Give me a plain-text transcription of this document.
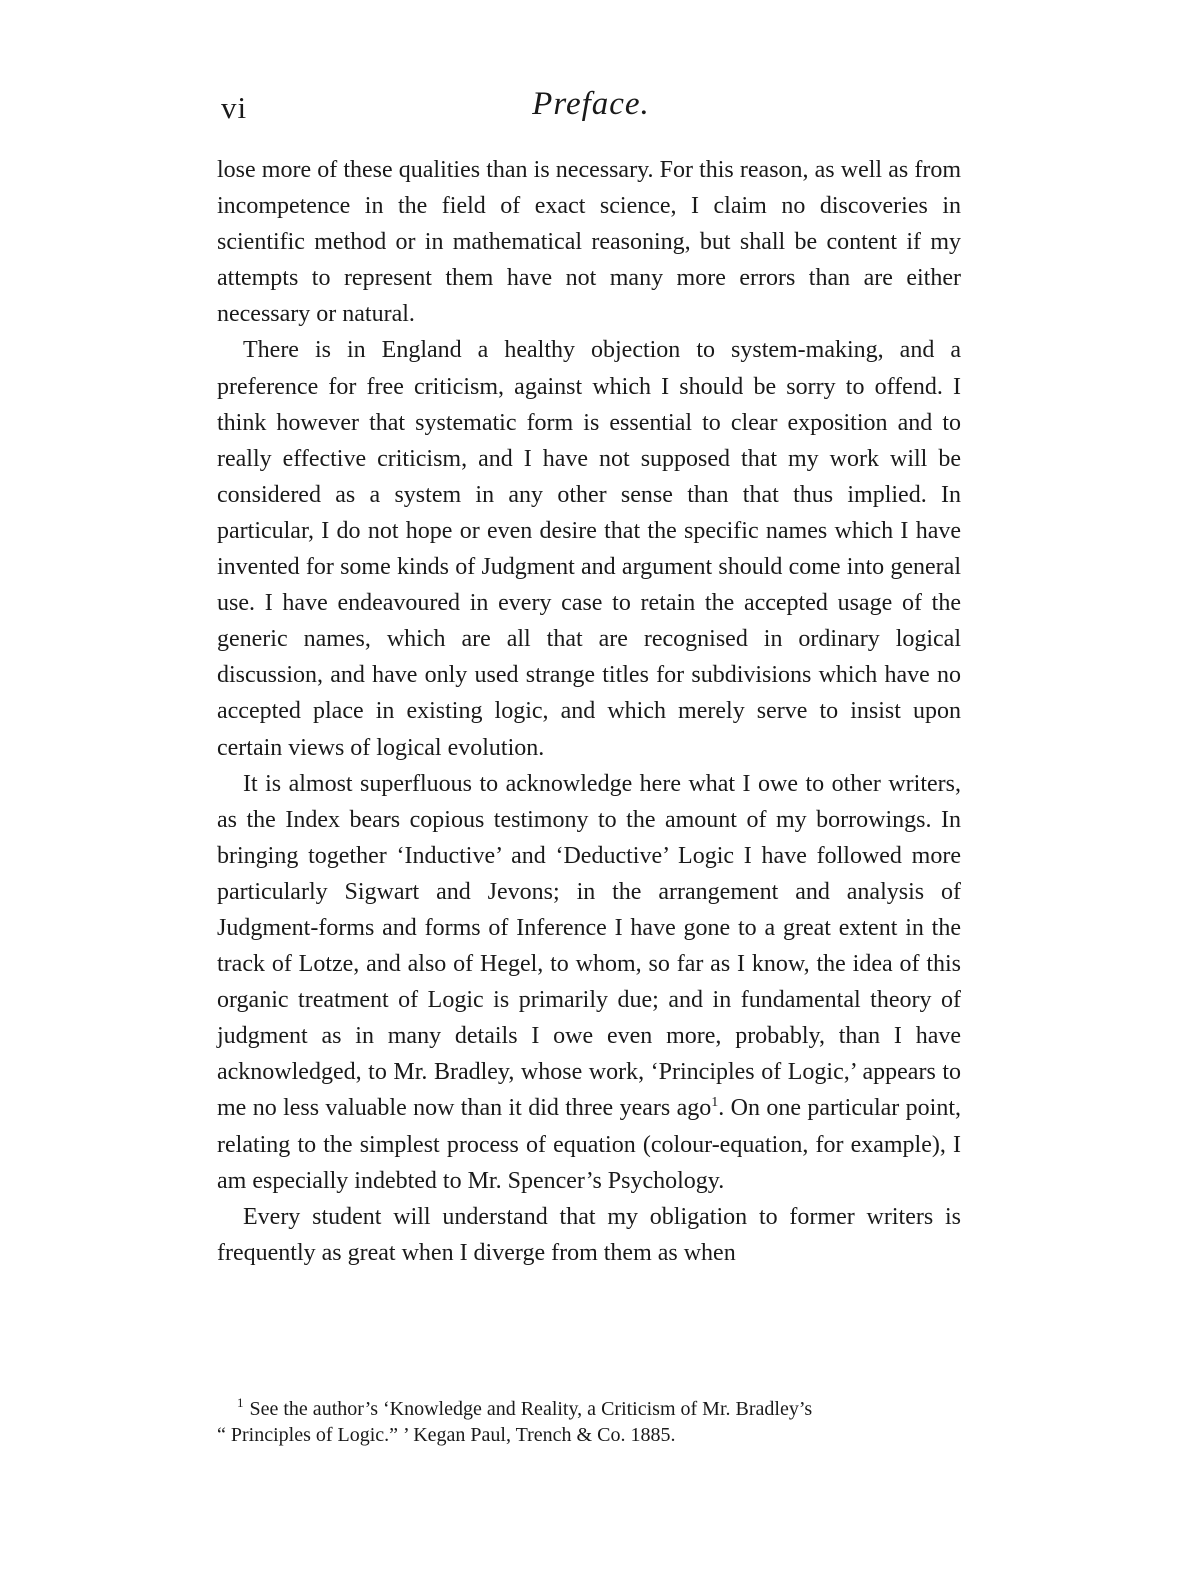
vi	Preface.

lose more of these qualities than is necessary. For this reason, as well as from incompetence in the field of exact science, I claim no discoveries in scientific method or in mathematical reasoning, but shall be content if my attempts to represent them have not many more errors than are either necessary or natural.

There is in England a healthy objection to system-making, and a preference for free criticism, against which I should be sorry to offend. I think however that systematic form is essential to clear exposition and to really effective criticism, and I have not supposed that my work will be considered as a system in any other sense than that thus implied. In particular, I do not hope or even desire that the specific names which I have invented for some kinds of Judgment and argument should come into general use. I have endeavoured in every case to retain the accepted usage of the generic names, which are all that are recognised in ordinary logical discussion, and have only used strange titles for subdivisions which have no accepted place in existing logic, and which merely serve to insist upon certain views of logical evolution.

It is almost superfluous to acknowledge here what I owe to other writers, as the Index bears copious testimony to the amount of my borrowings. In bringing together ‘Inductive’ and ‘Deductive’ Logic I have followed more particularly Sigwart and Jevons; in the arrangement and analysis of Judgment-forms and forms of Inference I have gone to a great extent in the track of Lotze, and also of Hegel, to whom, so far as I know, the idea of this organic treatment of Logic is primarily due; and in fundamental theory of judgment as in many details I owe even more, probably, than I have acknowledged, to Mr. Bradley, whose work, ‘Principles of Logic,’ appears to me no less valuable now than it did three years ago$^1$. On one particular point, relating to the simplest process of equation (colour-equation, for example), I am especially indebted to Mr. Spencer’s Psychology.

Every student will understand that my obligation to former writers is frequently as great when I diverge from them as when

$^1$ See the author’s ‘Knowledge and Reality, a Criticism of Mr. Bradley’s
“ Principles of Logic.” ’ Kegan Paul, Trench & Co. 1885.
